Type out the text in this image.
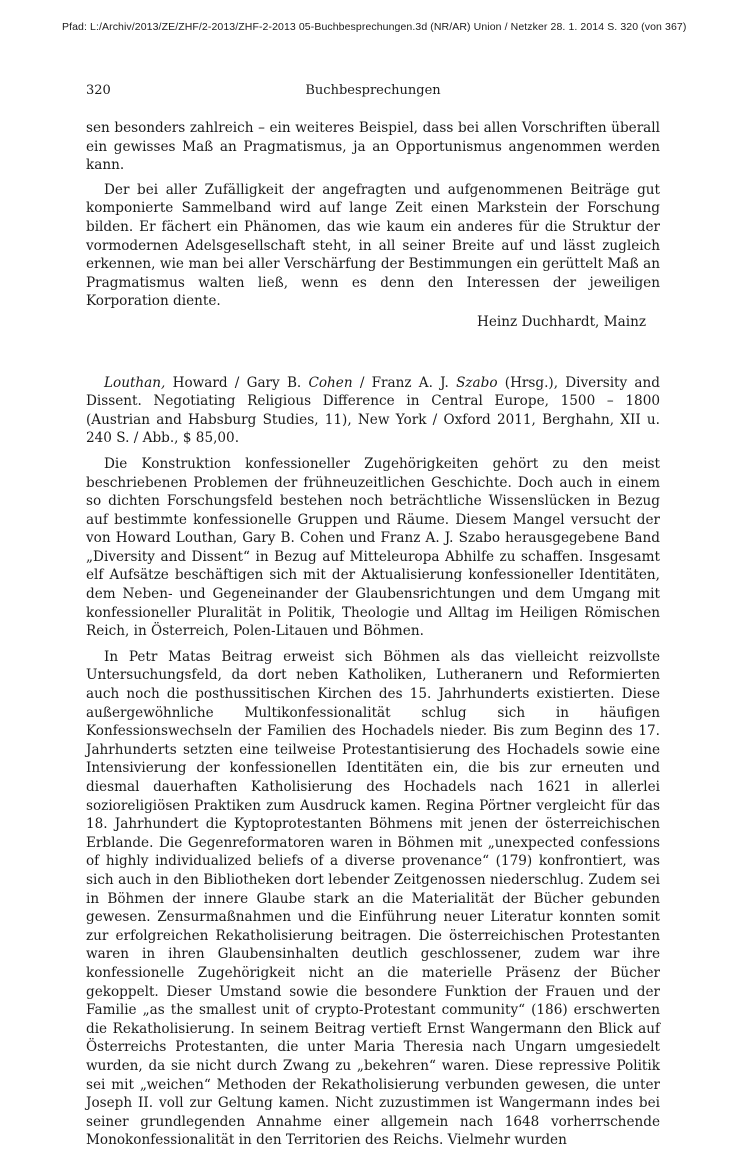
Pfad: L:/Archiv/2013/ZE/ZHF/2-2013/ZHF-2-2013 05-Buchbesprechungen.3d (NR/AR) Union / Netzker 28. 1. 2014 S. 320 (von 367)
320	Buchbesprechungen

sen besonders zahlreich – ein weiteres Beispiel, dass bei allen Vorschriften überall ein gewisses Maß an Pragmatismus, ja an Opportunismus angenommen werden kann.

Der bei aller Zufälligkeit der angefragten und aufgenommenen Beiträge gut komponierte Sammelband wird auf lange Zeit einen Markstein der Forschung bilden. Er fächert ein Phänomen, das wie kaum ein anderes für die Struktur der vormodernen Adelsgesellschaft steht, in all seiner Breite auf und lässt zugleich erkennen, wie man bei aller Verschärfung der Bestimmungen ein gerüttelt Maß an Pragmatismus walten ließ, wenn es denn den Interessen der jeweiligen Korporation diente.

Heinz Duchhardt, Mainz

Louthan, Howard / Gary B. Cohen / Franz A. J. Szabo (Hrsg.), Diversity and Dissent. Negotiating Religious Difference in Central Europe, 1500 – 1800 (Austrian and Habsburg Studies, 11), New York / Oxford 2011, Berghahn, XII u. 240 S. / Abb., $ 85,00.

Die Konstruktion konfessioneller Zugehörigkeiten gehört zu den meist beschriebenen Problemen der frühneuzeitlichen Geschichte. Doch auch in einem so dichten Forschungsfeld bestehen noch beträchtliche Wissenslücken in Bezug auf bestimmte konfessionelle Gruppen und Räume. Diesem Mangel versucht der von Howard Louthan, Gary B. Cohen und Franz A. J. Szabo herausgegebene Band „Diversity and Dissent“ in Bezug auf Mitteleuropa Abhilfe zu schaffen. Insgesamt elf Aufsätze beschäftigen sich mit der Aktualisierung konfessioneller Identitäten, dem Neben- und Gegeneinander der Glaubensrichtungen und dem Umgang mit konfessioneller Pluralität in Politik, Theologie und Alltag im Heiligen Römischen Reich, in Österreich, Polen-Litauen und Böhmen.

In Petr Matas Beitrag erweist sich Böhmen als das vielleicht reizvollste Untersuchungsfeld, da dort neben Katholiken, Lutheranern und Reformierten auch noch die posthussitischen Kirchen des 15. Jahrhunderts existierten. Diese außergewöhnliche Multikonfessionalität schlug sich in häufigen Konfessionswechseln der Familien des Hochadels nieder. Bis zum Beginn des 17. Jahrhunderts setzten eine teilweise Protestantisierung des Hochadels sowie eine Intensivierung der konfessionellen Identitäten ein, die bis zur erneuten und diesmal dauerhaften Katholisierung des Hochadels nach 1621 in allerlei sozioreligiösen Praktiken zum Ausdruck kamen. Regina Pörtner vergleicht für das 18. Jahrhundert die Kyptoprotestanten Böhmens mit jenen der österreichischen Erblande. Die Gegenreformatoren waren in Böhmen mit „unexpected confessions of highly individualized beliefs of a diverse provenance“ (179) konfrontiert, was sich auch in den Bibliotheken dort lebender Zeitgenossen niederschlug. Zudem sei in Böhmen der innere Glaube stark an die Materialität der Bücher gebunden gewesen. Zensurmaßnahmen und die Einführung neuer Literatur konnten somit zur erfolgreichen Rekatholisierung beitragen. Die österreichischen Protestanten waren in ihren Glaubensinhalten deutlich geschlossener, zudem war ihre konfessionelle Zugehörigkeit nicht an die materielle Präsenz der Bücher gekoppelt. Dieser Umstand sowie die besondere Funktion der Frauen und der Familie „as the smallest unit of crypto-Protestant community“ (186) erschwerten die Rekatholisierung. In seinem Beitrag vertieft Ernst Wangermann den Blick auf Österreichs Protestanten, die unter Maria Theresia nach Ungarn umgesiedelt wurden, da sie nicht durch Zwang zu „bekehren“ waren. Diese repressive Politik sei mit „weichen“ Methoden der Rekatholisierung verbunden gewesen, die unter Joseph II. voll zur Geltung kamen. Nicht zuzustimmen ist Wangermann indes bei seiner grundlegenden Annahme einer allgemein nach 1648 vorherrschende Monokonfessionalität in den Territorien des Reichs. Vielmehr wurden
